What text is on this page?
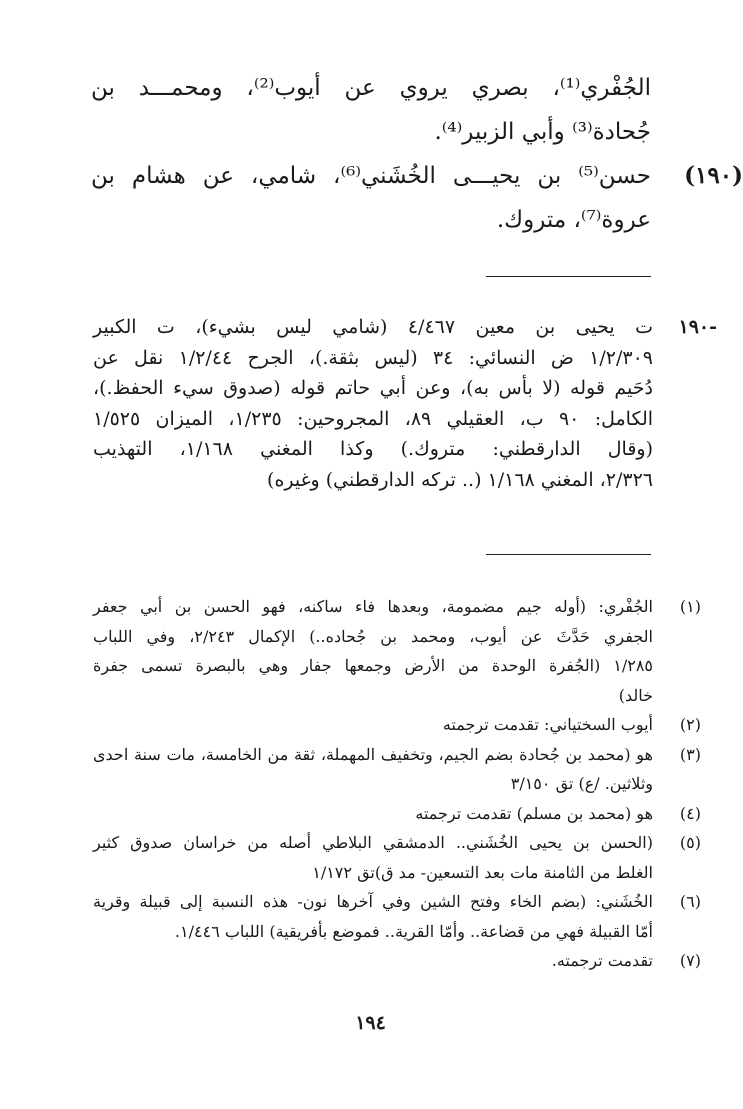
الجُفْري⁽¹⁾، بصري يروي عن أيوب⁽²⁾، ومحمـــد بن
جُحادة⁽³⁾ وأبي الزبير⁽⁴⁾.
(۱۹۰)
حسن⁽⁵⁾ بن يحيـــى الخُشَني⁽⁶⁾، شامي، عن هشام بن
عروة⁽⁷⁾، متروك.
-۱۹۰
ت يحيى بن معين ٤/٤٦٧ (شامي ليس بشيء)، ت الكبير
۱/۲/۳۰۹ ض النسائي: ٣٤ (ليس بثقة.)، الجرح ۱/۲/٤٤ نقل عن
دُحَيم قوله (لا بأس به)، وعن أبي حاتم قوله (صدوق سيء الحفظ.)،
الكامل: ٩٠ ب، العقيلي ٨٩، المجروحين: ۱/۲۳٥، الميزان ۱/٥۲٥
(وقال الدارقطني: متروك.) وكذا المغني ۱/۱٦٨، التهذيب
۲/۳۲٦، المغني ۱/۱٦٨ (.. تركه الدارقطني) وغيره)
(۱)
الجُفْري: (أوله جيم مضمومة، وبعدها فاء ساكنه، فهو الحسن بن أبي جعفر
الجفري حَدَّثَ عن أيوب، ومحمد بن جُحاده..) الإكمال ۲/۲٤۳، وفي اللباب
۱/۲۸٥ (الجُفرة الوحدة من الأرض وجمعها جفار وهي بالبصرة تسمى جفرة
خالد)
(۲)
أيوب السختياني: تقدمت ترجمته
(۳)
هو (محمد بن جُحادة بضم الجيم، وتخفيف المهملة، ثقة من الخامسة، مات سنة احدى
وثلاثين. /ع) تق ۳/۱٥۰
(٤)
هو (محمد بن مسلم) تقدمت ترجمته
(٥)
(الحسن بن يحيى الخُشَني.. الدمشقي البلاطي أصله من خراسان صدوق كثير
الغلط من الثامنة مات بعد التسعين- مد ق)تق ۱/۱۷۲
(٦)
الخُشَني: (بضم الخاء وفتح الشين وفي آخرها نون- هذه النسبة إلى قبيلة وقرية
أمّا القبيلة فهي من قضاعة.. وأمّا القرية.. فموضع بأفريقية) اللباب ۱/٤٤٦.
(۷)
تقدمت ترجمته.
۱۹٤
